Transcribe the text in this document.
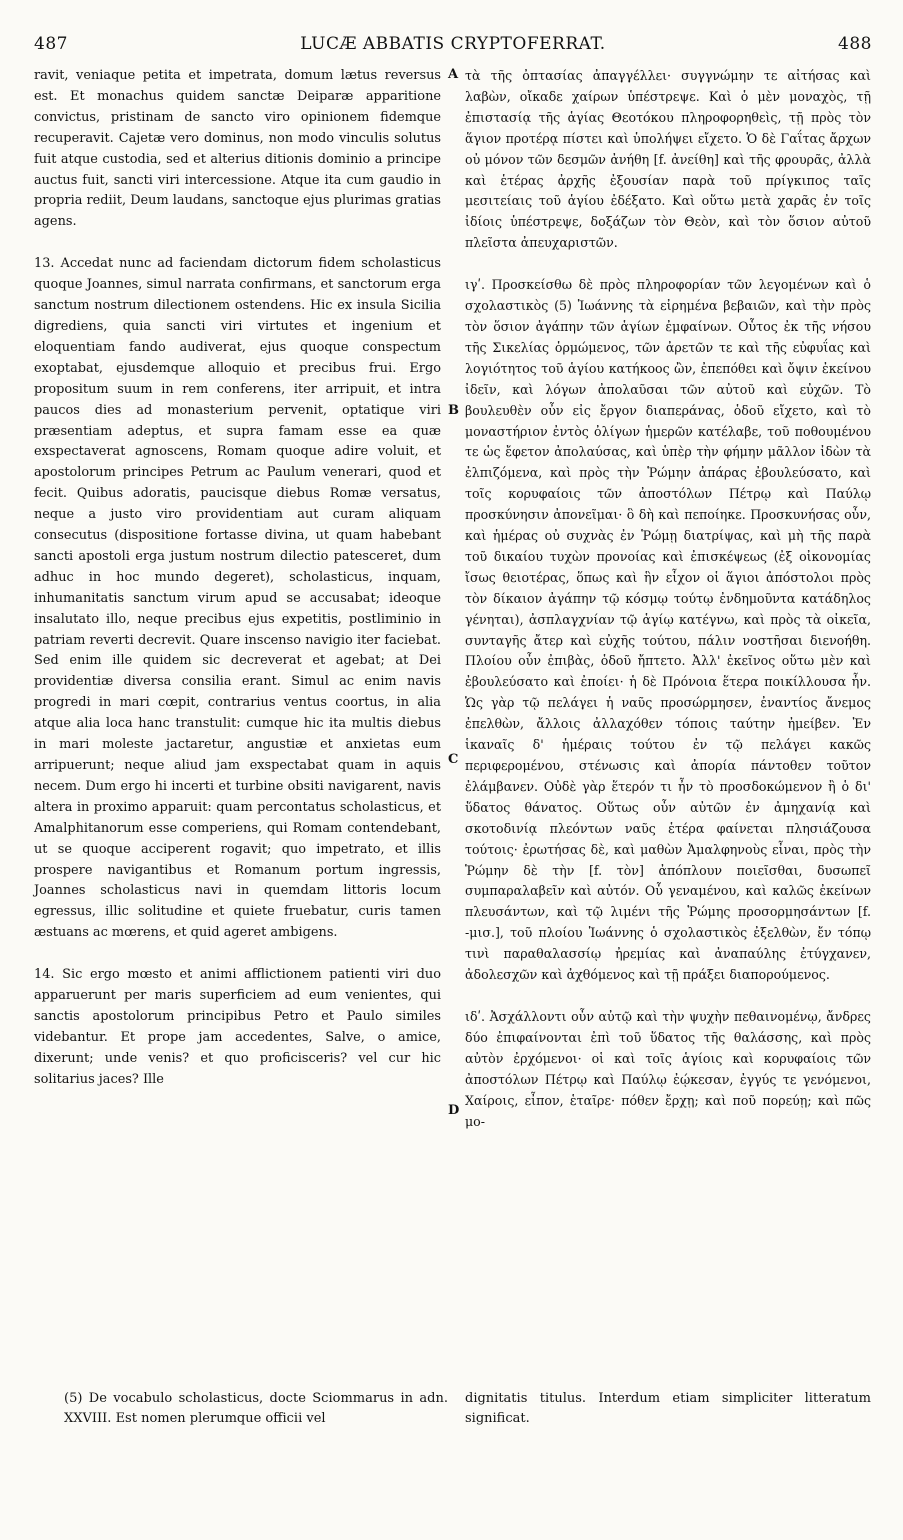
487	LUCÆ ABBATIS CRYPTOFERRAT.	488

ravit, veniaque petita et impetrata, domum lætus reversus est. Et monachus quidem sanctæ Deiparæ apparitione convictus, pristinam de sancto viro opinionem fidemque recuperavit. Cajetæ vero dominus, non modo vinculis solutus fuit atque custodia, sed et alterius ditionis dominio a principe auctus fuit, sancti viri intercessione. Atque ita cum gaudio in propria rediit, Deum laudans, sanctoque ejus plurimas gratias agens.

13. Accedat nunc ad faciendam dictorum fidem scholasticus quoque Joannes, simul narrata confirmans, et sanctorum erga sanctum nostrum dilectionem ostendens. Hic ex insula Sicilia digrediens, quia sancti viri virtutes et ingenium et eloquentiam fando audiverat, ejus quoque conspectum exoptabat, ejusdemque alloquio et precibus frui. Ergo propositum suum in rem conferens, iter arripuit, et intra paucos dies ad monasterium pervenit, optatique viri præsentiam adeptus, et supra famam esse ea quæ exspectaverat agnoscens, Romam quoque adire voluit, et apostolorum principes Petrum ac Paulum venerari, quod et fecit. Quibus adoratis, paucisque diebus Romæ versatus, neque a justo viro providentiam aut curam aliquam consecutus (dispositione fortasse divina, ut quam habebant sancti apostoli erga justum nostrum dilectio patesceret, dum adhuc in hoc mundo degeret), scholasticus, inquam, inhumanitatis sanctum virum apud se accusabat; ideoque insalutato illo, neque precibus ejus expetitis, postliminio in patriam reverti decrevit. Quare inscenso navigio iter faciebat. Sed enim ille quidem sic decreverat et agebat; at Dei providentiæ diversa consilia erant. Simul ac enim navis progredi in mari cœpit, contrarius ventus coortus, in alia atque alia loca hanc transtulit: cumque hic ita multis diebus in mari moleste jactaretur, angustiæ et anxietas eum arripuerunt; neque aliud jam exspectabat quam in aquis necem. Dum ergo hi incerti et turbine obsiti navigarent, navis altera in proximo apparuit: quam percontatus scholasticus, et Amalphitanorum esse comperiens, qui Romam contendebant, ut se quoque acciperent rogavit; quo impetrato, et illis prospere navigantibus et Romanum portum ingressis, Joannes scholasticus navi in quemdam littoris locum egressus, illic solitudine et quiete fruebatur, curis tamen æstuans ac mœrens, et quid ageret ambigens.

14. Sic ergo mœsto et animi afflictionem patienti viri duo apparuerunt per maris superficiem ad eum venientes, qui sanctis apostolorum principibus Petro et Paulo similes videbantur. Et prope jam accedentes, Salve, o amice, dixerunt; unde venis? et quo proficisceris? vel cur hic solitarius jaces? Ille

A
B
C
D

τὰ τῆς ὀπτασίας ἀπαγγέλλει· συγγνώμην τε αἰτήσας καὶ λαβὼν, οἴκαδε χαίρων ὑπέστρεψε. Καὶ ὁ μὲν μοναχὸς, τῇ ἐπιστασίᾳ τῆς ἁγίας Θεοτόκου πληροφορηθεὶς, τῇ πρὸς τὸν ἅγιον προτέρᾳ πίστει καὶ ὑπολήψει εἴχετο. Ὁ δὲ Γαΐτας ἄρχων οὐ μόνον τῶν δεσμῶν ἀνήθη [f. ἀνείθη] καὶ τῆς φρουρᾶς, ἀλλὰ καὶ ἑτέρας ἀρχῆς ἐξουσίαν παρὰ τοῦ πρίγκιπος ταῖς μεσιτείαις τοῦ ἁγίου ἐδέξατο. Καὶ οὕτω μετὰ χαρᾶς ἐν τοῖς ἰδίοις ὑπέστρεψε, δοξάζων τὸν Θεὸν, καὶ τὸν ὅσιον αὐτοῦ πλεῖστα ἀπευχαριστῶν.

ιγʹ. Προσκείσθω δὲ πρὸς πληροφορίαν τῶν λεγομένων καὶ ὁ σχολαστικὸς (5) Ἰωάννης τὰ εἰρημένα βεβαιῶν, καὶ τὴν πρὸς τὸν ὅσιον ἀγάπην τῶν ἁγίων ἐμφαίνων. Οὗτος ἐκ τῆς νήσου τῆς Σικελίας ὁρμώμενος, τῶν ἀρετῶν τε καὶ τῆς εὐφυΐας καὶ λογιότητος τοῦ ἁγίου κατήκοος ὢν, ἐπεπόθει καὶ ὄψιν ἐκείνου ἰδεῖν, καὶ λόγων ἀπολαῦσαι τῶν αὐτοῦ καὶ εὐχῶν. Τὸ βουλευθὲν οὖν εἰς ἔργον διαπεράνας, ὁδοῦ εἴχετο, καὶ τὸ μοναστήριον ἐντὸς ὀλίγων ἡμερῶν κατέλαβε, τοῦ ποθουμένου τε ὡς ἔφετον ἀπολαύσας, καὶ ὑπὲρ τὴν φήμην μᾶλλον ἰδὼν τὰ ἐλπιζόμενα, καὶ πρὸς τὴν Ῥώμην ἀπάρας ἐβουλεύσατο, καὶ τοῖς κορυφαίοις τῶν ἀποστόλων Πέτρῳ καὶ Παύλῳ προσκύνησιν ἀπονεῖμαι· ὃ δὴ καὶ πεποίηκε. Προσκυνήσας οὖν, καὶ ἡμέρας οὐ συχνὰς ἐν Ῥώμῃ διατρίψας, καὶ μὴ τῆς παρὰ τοῦ δικαίου τυχὼν προνοίας καὶ ἐπισκέψεως (ἐξ οἰκονομίας ἴσως θειοτέρας, ὅπως καὶ ἣν εἶχον οἱ ἅγιοι ἀπόστολοι πρὸς τὸν δίκαιον ἀγάπην τῷ κόσμῳ τούτῳ ἐνδημοῦντα κατάδηλος γένηται), ἀσπλαγχνίαν τῷ ἁγίῳ κατέγνω, καὶ πρὸς τὰ οἰκεῖα, συνταγῆς ἄτερ καὶ εὐχῆς τούτου, πάλιν νοστῆσαι διενοήθη. Πλοίου οὖν ἐπιβὰς, ὁδοῦ ἤπτετο. Ἀλλ' ἐκεῖνος οὕτω μὲν καὶ ἐβουλεύσατο καὶ ἐποίει· ἡ δὲ Πρόνοια ἕτερα ποικίλλουσα ἦν. Ὡς γὰρ τῷ πελάγει ἡ ναῦς προσώρμησεν, ἐναντίος ἄνεμος ἐπελθὼν, ἄλλοις ἀλλαχόθεν τόποις ταύτην ἠμείβεν. Ἐν ἱκαναῖς δ' ἡμέραις τούτου ἐν τῷ πελάγει κακῶς περιφερομένου, στένωσις καὶ ἀπορία πάντοθεν τοῦτον ἐλάμβανεν. Οὐδὲ γὰρ ἕτερόν τι ἦν τὸ προσδοκώμενον ἢ ὁ δι' ὕδατος θάνατος. Οὕτως οὖν αὐτῶν ἐν ἀμηχανίᾳ καὶ σκοτοδινίᾳ πλεόντων ναῦς ἑτέρα φαίνεται πλησιάζουσα τούτοις· ἐρωτήσας δὲ, καὶ μαθὼν Ἀμαλφηνοὺς εἶναι, πρὸς τὴν Ῥώμην δὲ τὴν [f. τὸν] ἀπόπλουν ποιεῖσθαι, δυσωπεῖ συμπαραλαβεῖν καὶ αὐτόν. Οὗ γεναμένου, καὶ καλῶς ἐκείνων πλευσάντων, καὶ τῷ λιμένι τῆς Ῥώμης προσορμησάντων [f. -μισ.], τοῦ πλοίου Ἰωάννης ὁ σχολαστικὸς ἐξελθὼν, ἔν τόπῳ τινὶ παραθαλασσίῳ ἠρεμίας καὶ ἀναπαύλης ἐτύγχανεν, ἀδολεσχῶν καὶ ἀχθόμενος καὶ τῇ πράξει διαπορούμενος.

ιδʹ. Ἀσχάλλοντι οὖν αὐτῷ καὶ τὴν ψυχὴν πεθαινομένῳ, ἄνδρες δύο ἐπιφαίνονται ἐπὶ τοῦ ὕδατος τῆς θαλάσσης, καὶ πρὸς αὐτὸν ἐρχόμενοι· οἱ καὶ τοῖς ἁγίοις καὶ κορυφαίοις τῶν ἀποστόλων Πέτρῳ καὶ Παύλῳ ἐῴκεσαν, ἐγγύς τε γενόμενοι, Χαίροις, εἶπον, ἑταῖρε· πόθεν ἔρχῃ; καὶ ποῦ πορεύῃ; καὶ πῶς μο-

(5) De vocabulo scholasticus, docte Sciommarus in adn. XXVIII. Est nomen plerumque officii vel
dignitatis titulus. Interdum etiam simpliciter litteratum significat.
